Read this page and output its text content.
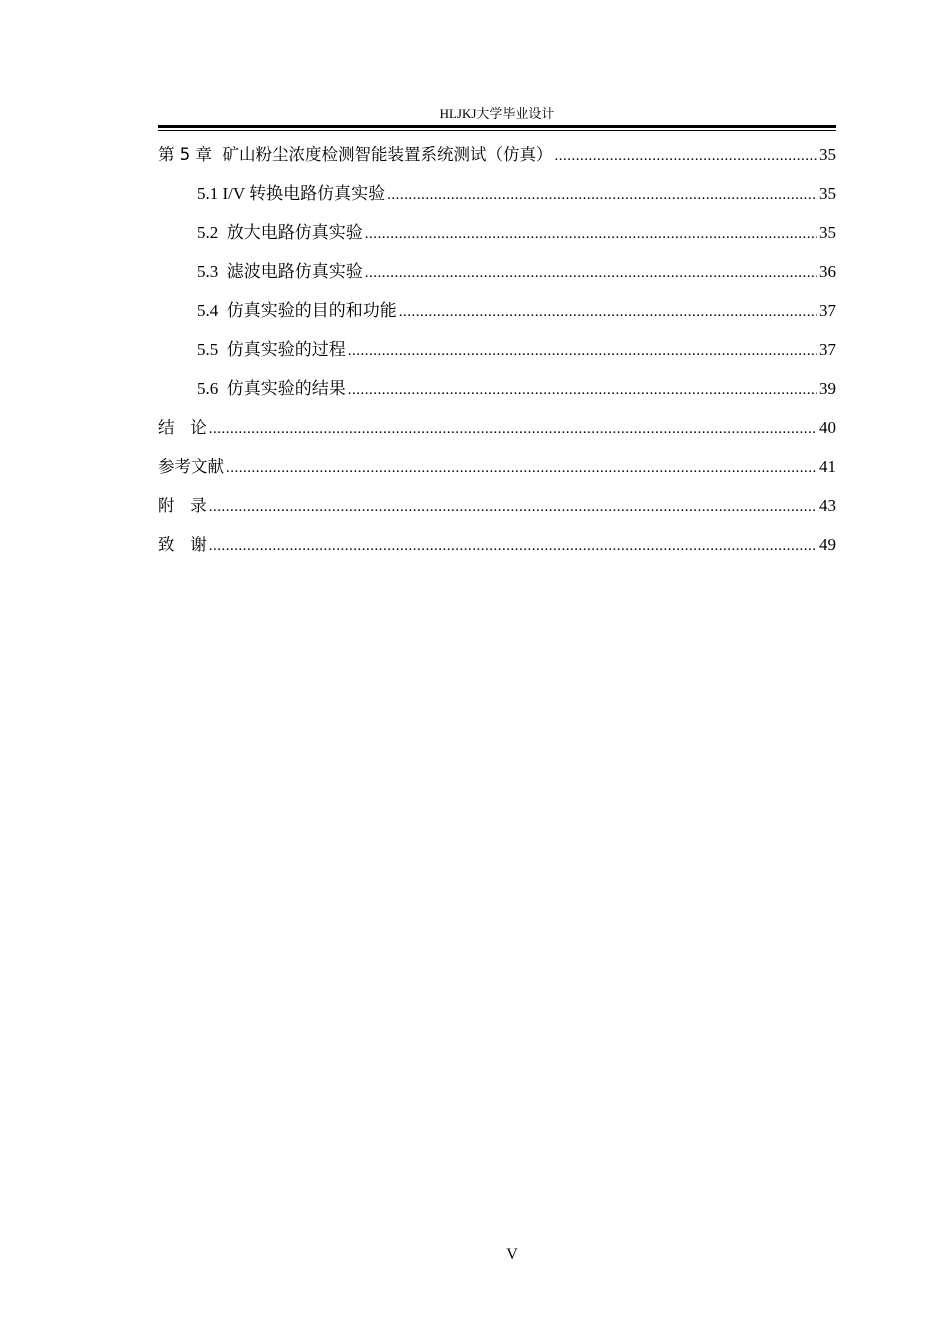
HLJKJ大学毕业设计
第 5 章  矿山粉尘浓度检测智能装置系统测试（仿真） .....	35
5.1 I/V 转换电路仿真实验 .....	35
5.2  放大电路仿真实验 .....	35
5.3  滤波电路仿真实验 .....	36
5.4  仿真实验的目的和功能 .....	37
5.5  仿真实验的过程 .....	37
5.6  仿真实验的结果 .....	39
结   论 .....	40
参考文献 .....	41
附   录 .....	43
致   谢 .....	49
V
